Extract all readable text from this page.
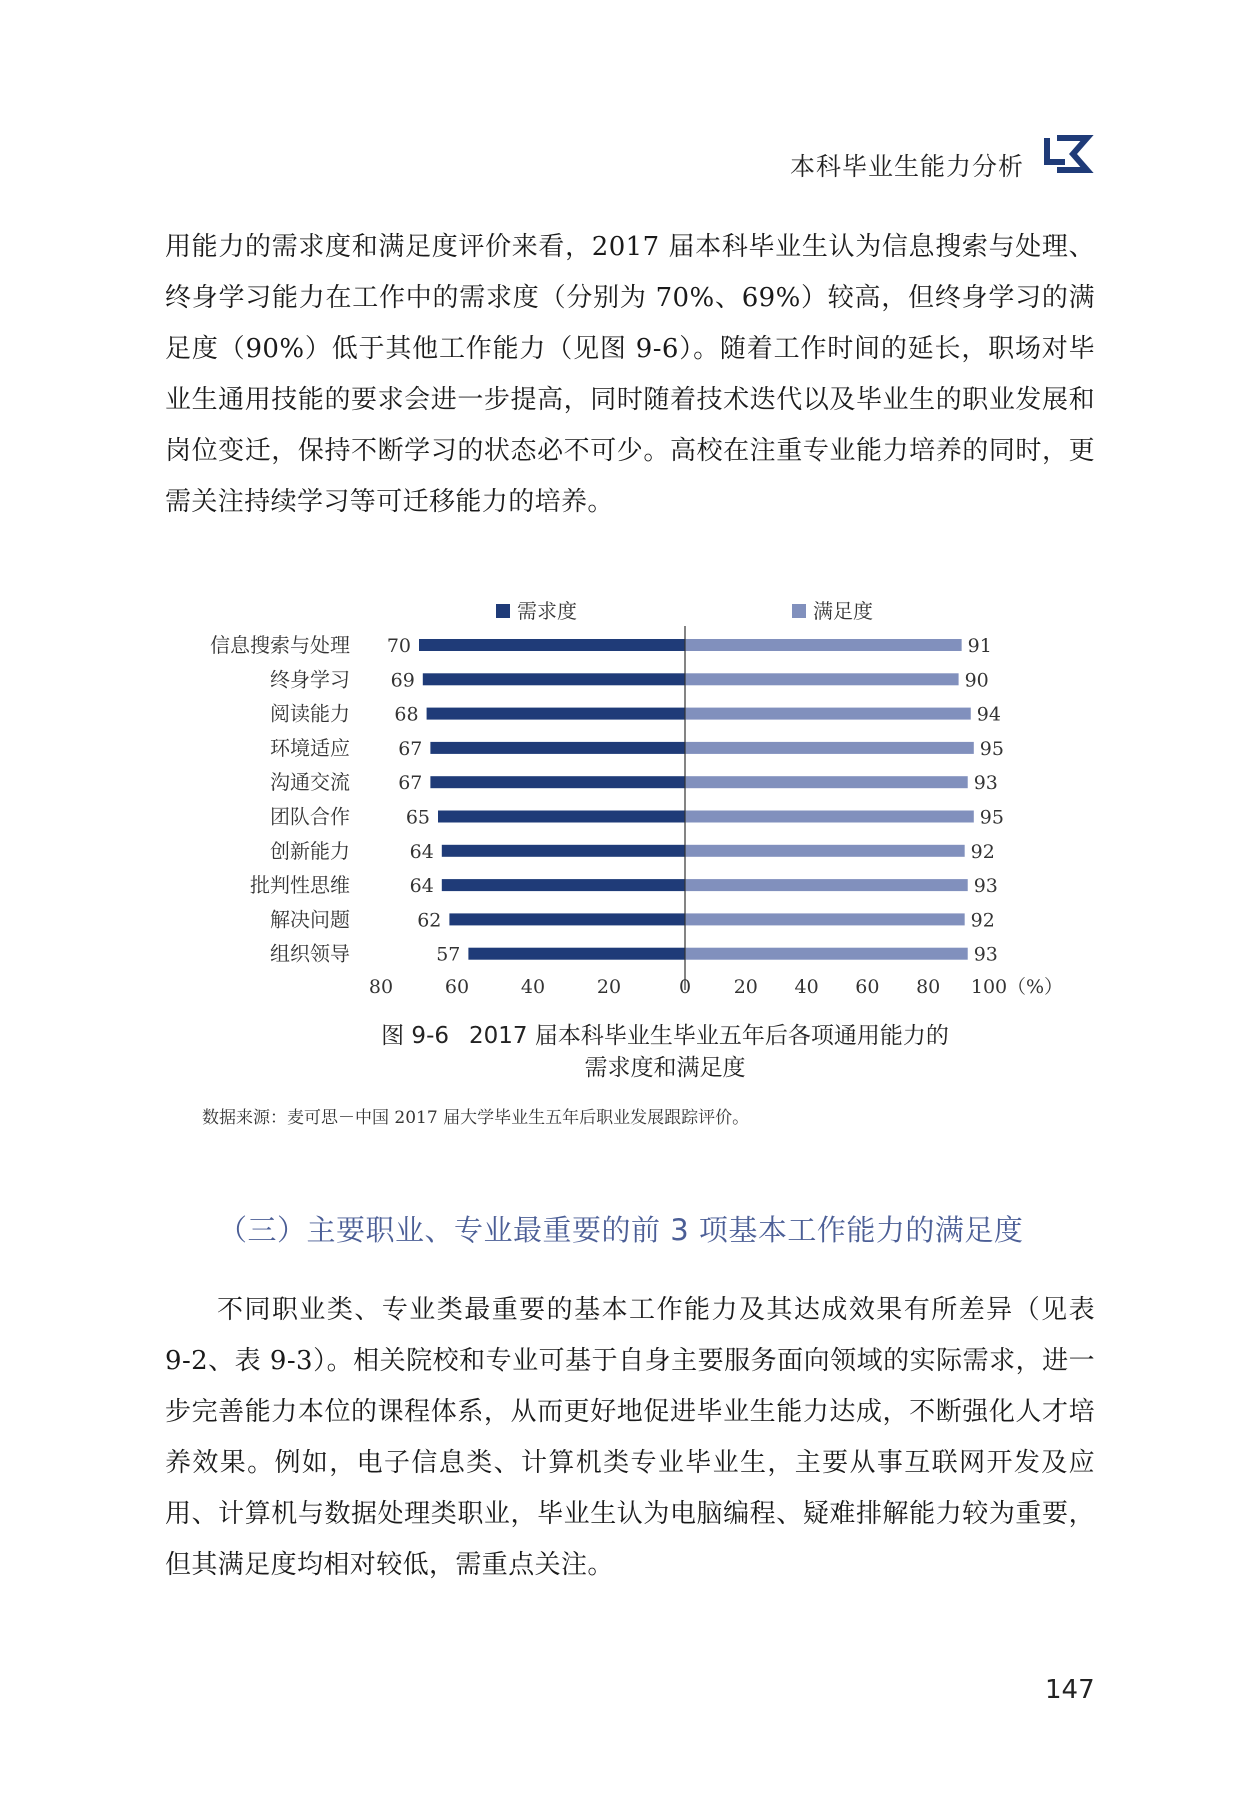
本科毕业生能力分析

用能力的需求度和满足度评价来看，2017 届本科毕业生认为信息搜索与处理、终身学习能力在工作中的需求度（分别为 70%、69%）较高，但终身学习的满足度（90%）低于其他工作能力（见图 9-6）。随着工作时间的延长，职场对毕业生通用技能的要求会进一步提高，同时随着技术迭代以及毕业生的职业发展和岗位变迁，保持不断学习的状态必不可少。高校在注重专业能力培养的同时，更需关注持续学习等可迁移能力的培养。

需求度	满足度
信息搜索与处理 70	91
终身学习 69	90
阅读能力 68	94
环境适应	67	95
沟通交流	67	93
团队合作	65	95
创新能力	64	92
批判性思维	64	93
解决问题	62	92
组织领导	57	93
80	60	40	20	0 20 40 60 80 100 （%）
图 9-6 2017 届本科毕业生毕业五年后各项通用能力的
需求度和满足度
数据来源：麦可思－中国 2017 届大学毕业生五年后职业发展跟踪评价。
（三）主要职业、专业最重要的前 3 项基本工作能力的满足度

不同职业类、专业类最重要的基本工作能力及其达成效果有所差异（见表 9-2、表 9-3）。相关院校和专业可基于自身主要服务面向领域的实际需求，进一步完善能力本位的课程体系，从而更好地促进毕业生能力达成，不断强化人才培养效果。例如，电子信息类、计算机类专业毕业生，主要从事互联网开发及应用、计算机与数据处理类职业，毕业生认为电脑编程、疑难排解能力较为重要，但其满足度均相对较低，需重点关注。

147
